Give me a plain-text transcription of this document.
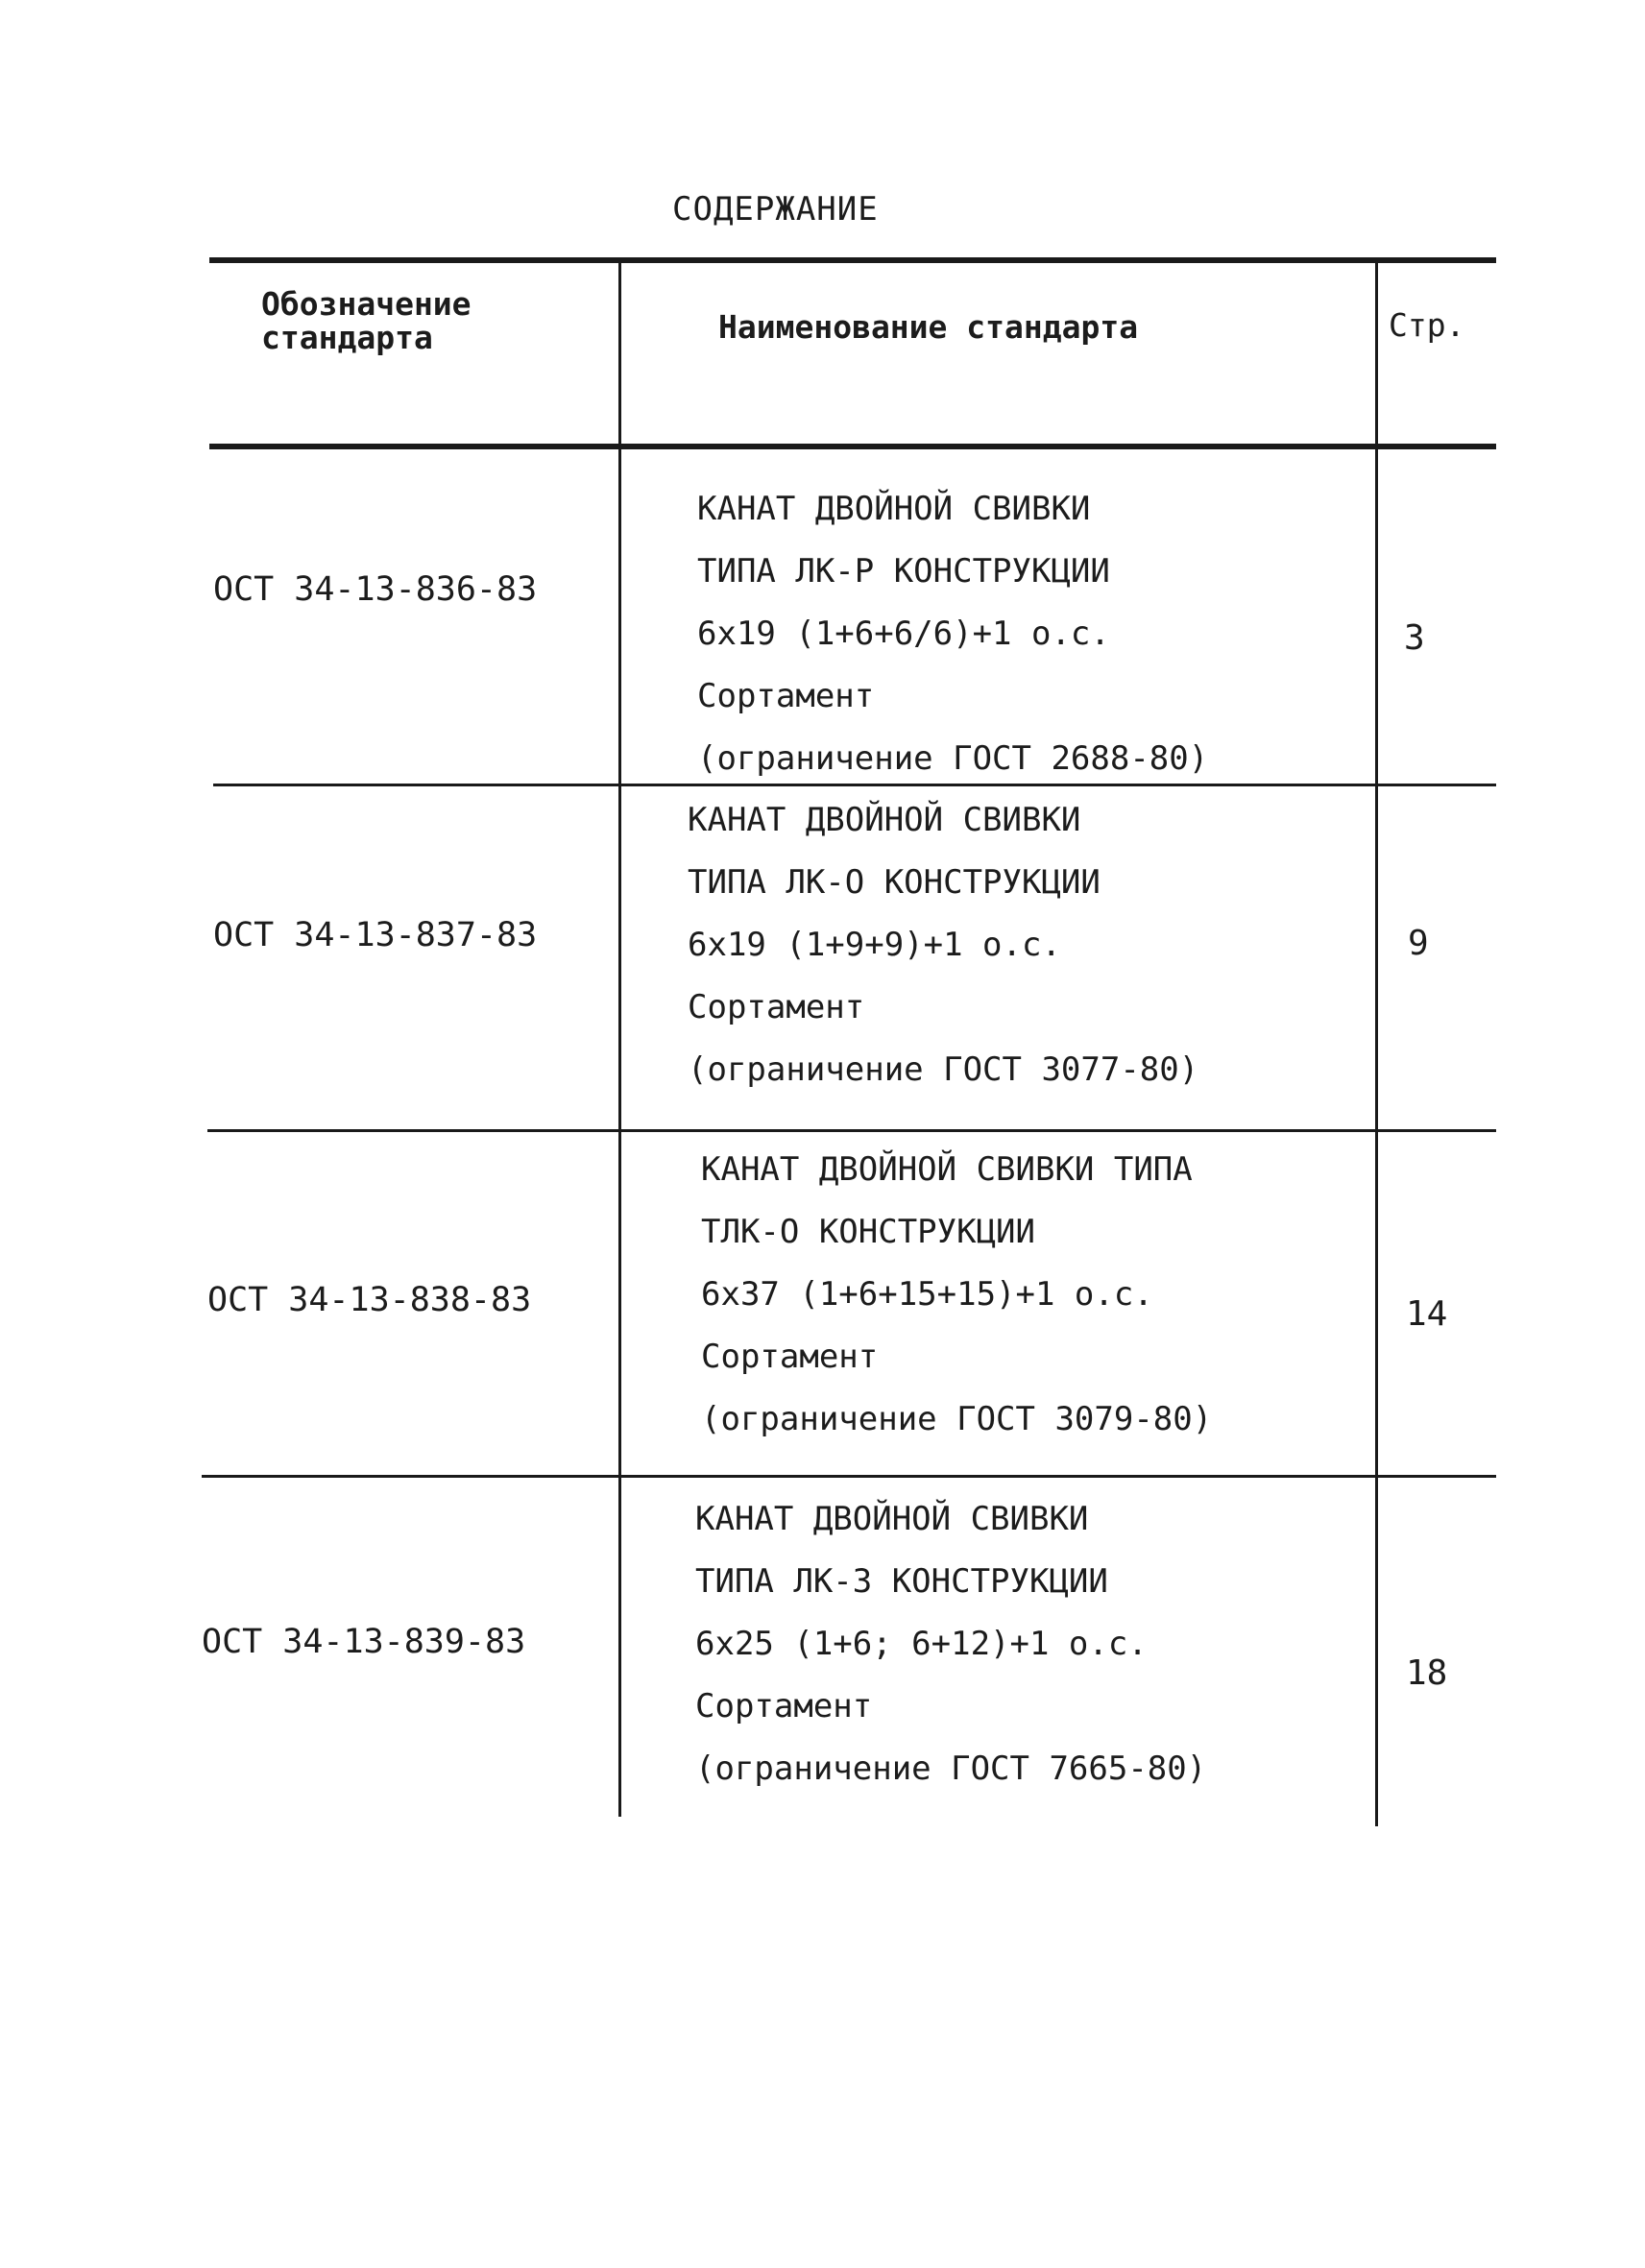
СОДЕРЖАНИЕ
Обозначение стандарта	Наименование стандарта	Стр.
ОСТ 34-13-836-83
КАНАТ ДВОЙНОЙ СВИВКИ
ТИПА ЛК-Р КОНСТРУКЦИИ
6х19 (1+6+6/6)+1 о.с.
Сортамент
(ограничение ГОСТ 2688-80)
3
ОСТ 34-13-837-83
КАНАТ ДВОЙНОЙ СВИВКИ
ТИПА ЛК-О КОНСТРУКЦИИ
6х19 (1+9+9)+1 о.с.
Сортамент
(ограничение ГОСТ 3077-80)
9
ОСТ 34-13-838-83
КАНАТ ДВОЙНОЙ СВИВКИ ТИПА
ТЛК-О КОНСТРУКЦИИ
6х37 (1+6+15+15)+1 о.с.
Сортамент
(ограничение ГОСТ 3079-80)
14
ОСТ 34-13-839-83
КАНАТ ДВОЙНОЙ СВИВКИ
ТИПА ЛК-З КОНСТРУКЦИИ
6х25 (1+6; 6+12)+1 о.с.
Сортамент
(ограничение ГОСТ 7665-80)
18
